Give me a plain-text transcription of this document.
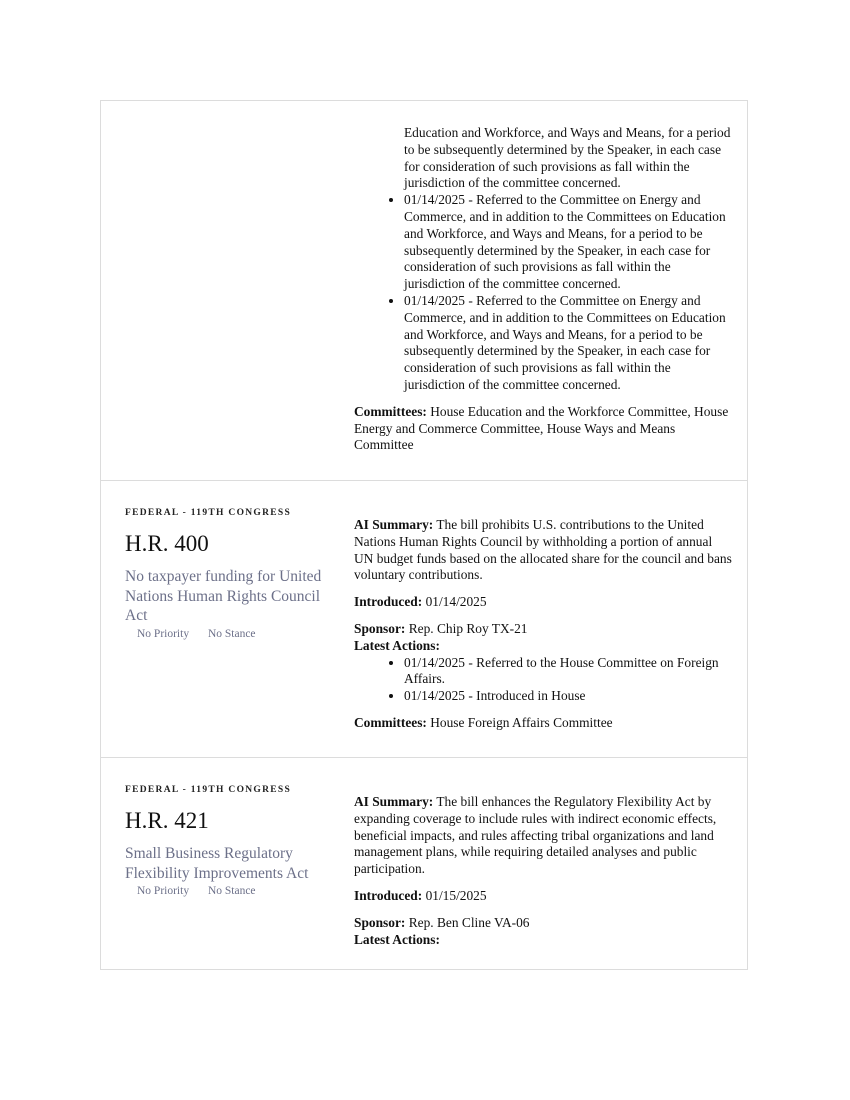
Education and Workforce, and Ways and Means, for a period to be subsequently determined by the Speaker, in each case for consideration of such provisions as fall within the jurisdiction of the committee concerned.
• 01/14/2025 - Referred to the Committee on Energy and Commerce, and in addition to the Committees on Education and Workforce, and Ways and Means, for a period to be subsequently determined by the Speaker, in each case for consideration of such provisions as fall within the jurisdiction of the committee concerned.
• 01/14/2025 - Referred to the Committee on Energy and Commerce, and in addition to the Committees on Education and Workforce, and Ways and Means, for a period to be subsequently determined by the Speaker, in each case for consideration of such provisions as fall within the jurisdiction of the committee concerned.

Committees: House Education and the Workforce Committee, House Energy and Commerce Committee, House Ways and Means Committee

FEDERAL - 119TH CONGRESS
H.R. 400
No taxpayer funding for United Nations Human Rights Council Act
No Priority No Stance

AI Summary: The bill prohibits U.S. contributions to the United Nations Human Rights Council by withholding a portion of annual UN budget funds based on the allocated share for the council and bans voluntary contributions.

Introduced: 01/14/2025

Sponsor: Rep. Chip Roy TX-21

Latest Actions:

• 01/14/2025 - Referred to the House Committee on Foreign Affairs.
• 01/14/2025 - Introduced in House

Committees: House Foreign Affairs Committee

FEDERAL - 119TH CONGRESS
H.R. 421
Small Business Regulatory Flexibility Improvements Act
No Priority No Stance

AI Summary: The bill enhances the Regulatory Flexibility Act by expanding coverage to include rules with indirect economic effects, beneficial impacts, and rules affecting tribal organizations and land management plans, while requiring detailed analyses and public participation.

Introduced: 01/15/2025

Sponsor: Rep. Ben Cline VA-06

Latest Actions:
